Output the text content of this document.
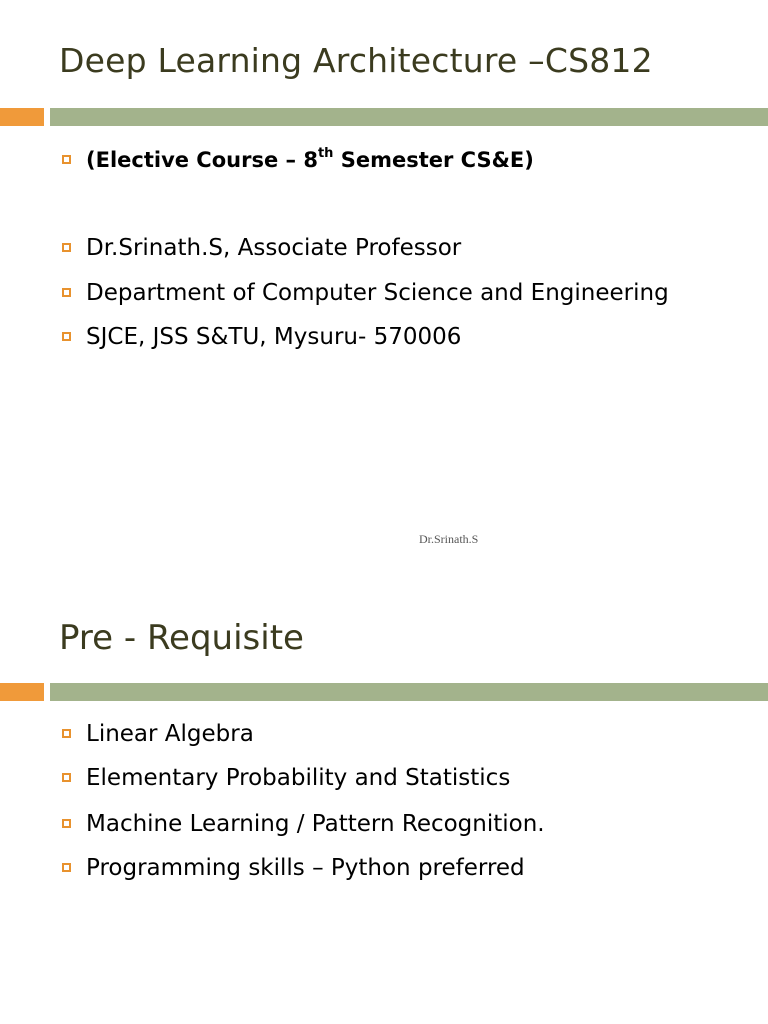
Deep Learning Architecture –CS812
(Elective Course – 8th Semester CS&E)
Dr.Srinath.S, Associate Professor
Department of Computer Science and Engineering
SJCE, JSS S&TU, Mysuru- 570006
Dr.Srinath.S
Pre - Requisite
Linear Algebra
Elementary Probability and Statistics
Machine Learning / Pattern Recognition.
Programming skills – Python preferred
